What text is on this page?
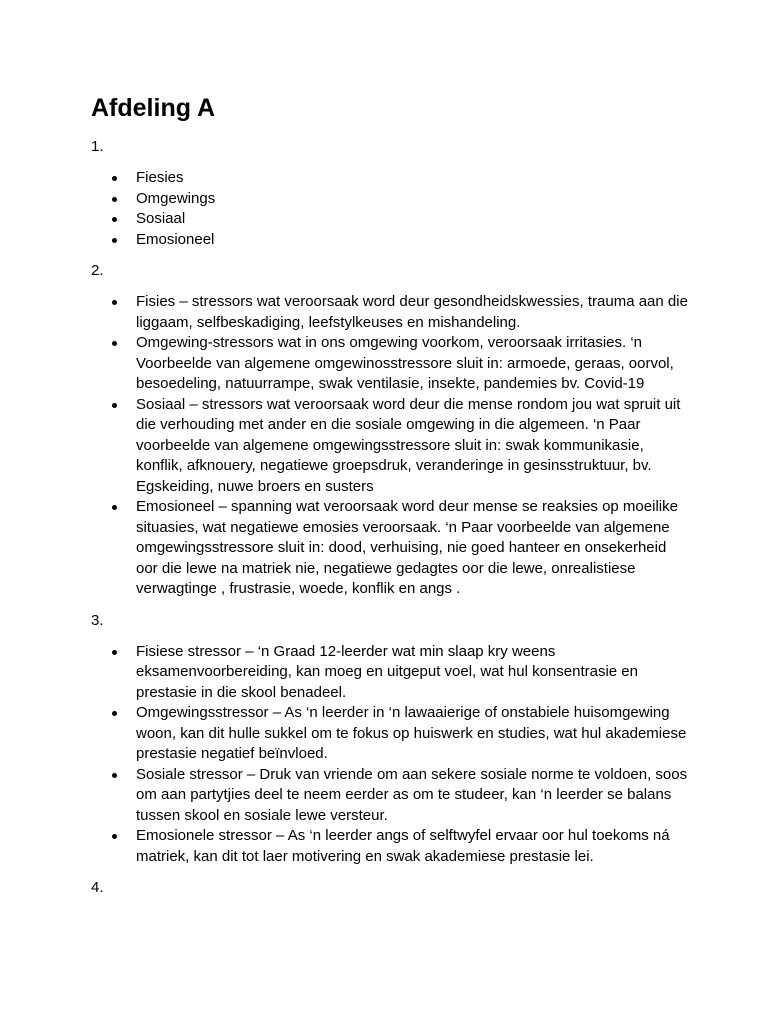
Afdeling A

1.

Fiesies
Omgewings
Sosiaal
Emosioneel

2.

Fisies – stressors wat veroorsaak word deur gesondheidskwessies, trauma aan die liggaam, selfbeskadiging, leefstylkeuses en mishandeling.
Omgewing-stressors wat in ons omgewing voorkom, veroorsaak irritasies. ‘n Voorbeelde van algemene omgewinosstressore sluit in: armoede, geraas, oorvol, besoedeling, natuurrampe, swak ventilasie, insekte, pandemies bv. Covid-19
Sosiaal – stressors wat veroorsaak word deur die mense rondom jou wat spruit uit die verhouding met ander en die sosiale omgewing in die algemeen. ‘n Paar voorbeelde van algemene omgewingsstressore sluit in: swak kommunikasie, konflik, afknouery, negatiewe groepsdruk, veranderinge in gesinsstruktuur, bv. Egskeiding, nuwe broers en susters
Emosioneel – spanning wat veroorsaak word deur mense se reaksies op moeilike situasies, wat negatiewe emosies veroorsaak. ‘n Paar voorbeelde van algemene omgewingsstressore sluit in: dood, verhuising, nie goed hanteer en onsekerheid oor die lewe na matriek nie, negatiewe gedagtes oor die lewe, onrealistiese verwagtinge , frustrasie, woede, konflik en angs .

3.

Fisiese stressor – ‘n Graad 12-leerder wat min slaap kry weens eksamenvoorbereiding, kan moeg en uitgeput voel, wat hul konsentrasie en prestasie in die skool benadeel.
Omgewingsstressor – As ‘n leerder in ‘n lawaaierige of onstabiele huisomgewing woon, kan dit hulle sukkel om te fokus op huiswerk en studies, wat hul akademiese prestasie negatief beïnvloed.
Sosiale stressor – Druk van vriende om aan sekere sosiale norme te voldoen, soos om aan partytjies deel te neem eerder as om te studeer, kan ‘n leerder se balans tussen skool en sosiale lewe versteur.
Emosionele stressor – As ‘n leerder angs of selftwyfel ervaar oor hul toekoms ná matriek, kan dit tot laer motivering en swak akademiese prestasie lei.

4.
